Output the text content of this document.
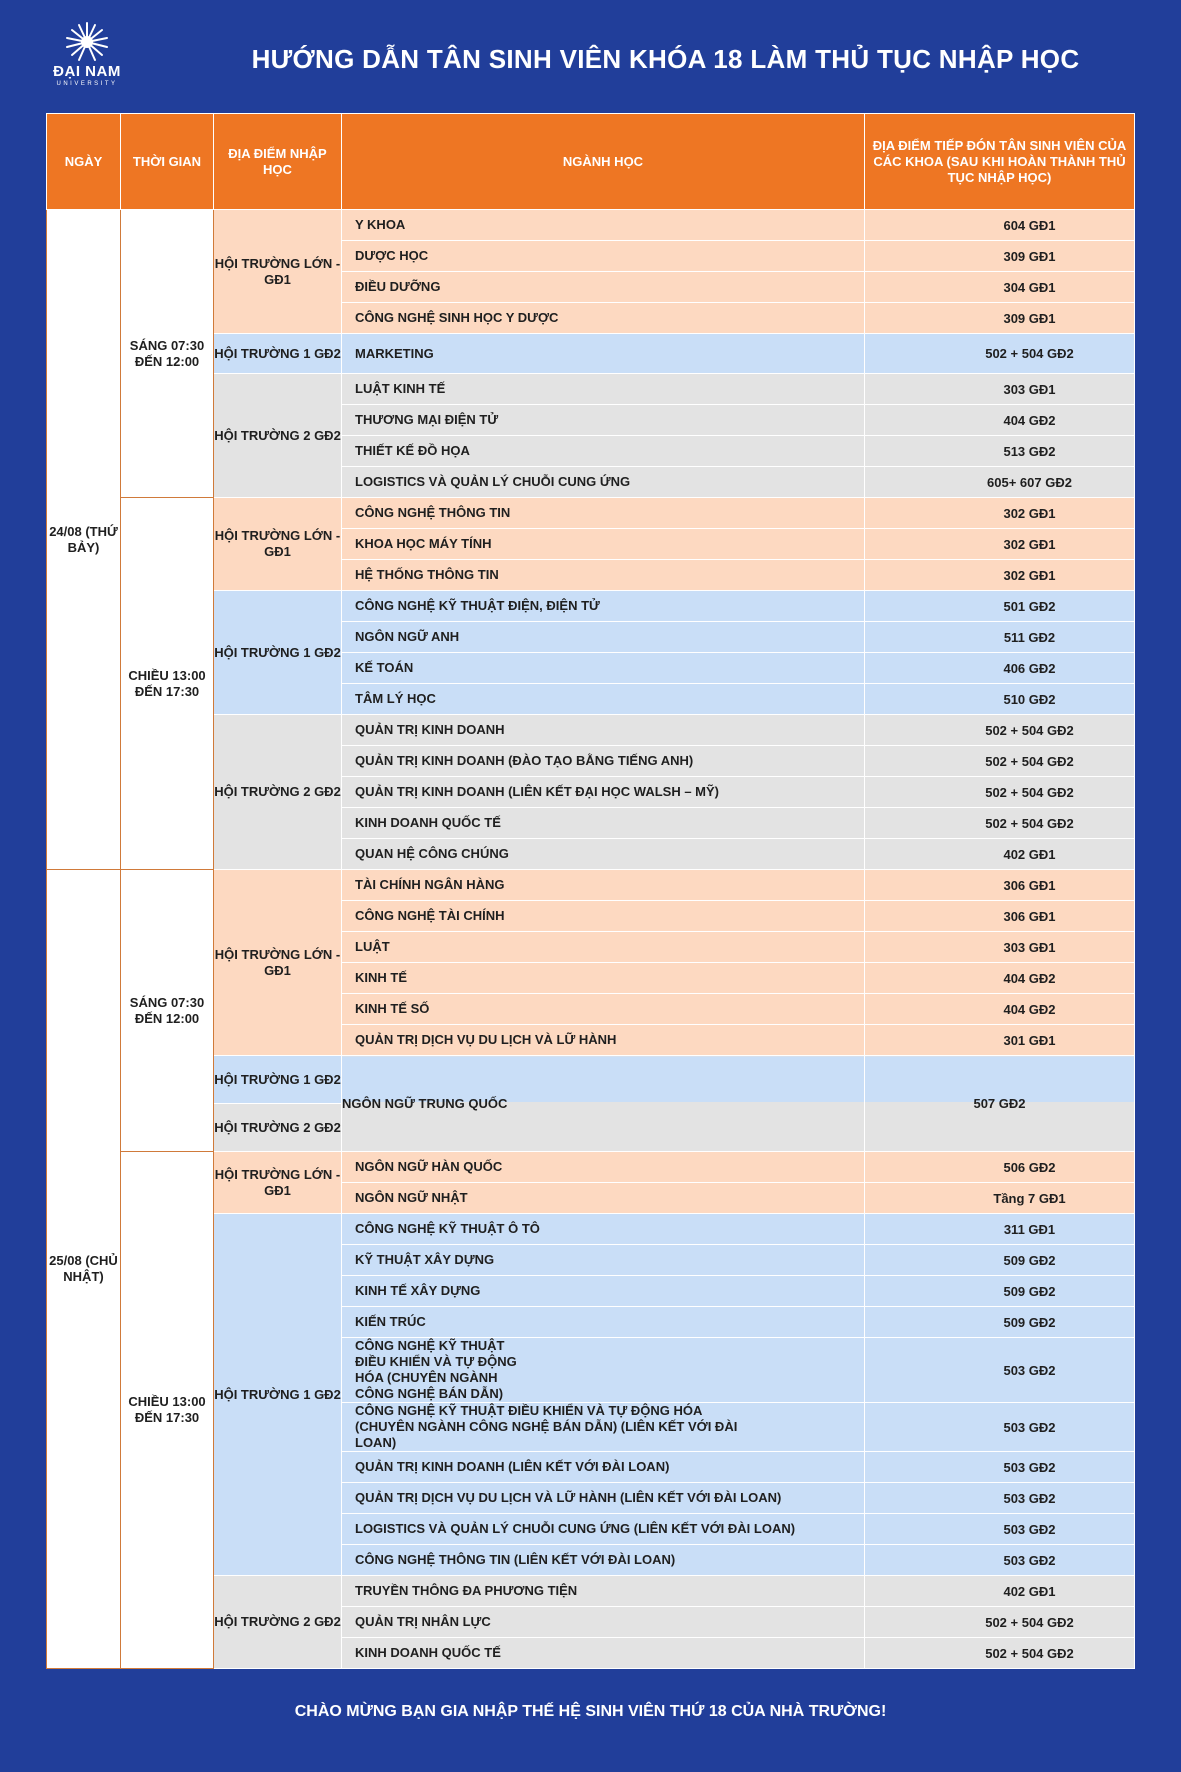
ĐẠI NAM
UNIVERSITY
HƯỚNG DẪN TÂN SINH VIÊN KHÓA 18 LÀM THỦ TỤC NHẬP HỌC
NGÀY	THỜI GIAN	ĐỊA ĐIỂM NHẬP HỌC	NGÀNH HỌC	ĐỊA ĐIỂM TIẾP ĐÓN TÂN SINH VIÊN CỦA CÁC KHOA (SAU KHI HOÀN THÀNH THỦ TỤC NHẬP HỌC)
24/08 (THỨ BẢY)	SÁNG 07:30 ĐẾN 12:00	HỘI TRƯỜNG LỚN - GĐ1	Y KHOA	604 GĐ1
			DƯỢC HỌC	309 GĐ1
			ĐIỀU DƯỠNG	304 GĐ1
			CÔNG NGHỆ SINH HỌC Y DƯỢC	309 GĐ1
		HỘI TRƯỜNG 1 GĐ2	MARKETING	502 + 504 GĐ2
		HỘI TRƯỜNG 2 GĐ2	LUẬT KINH TẾ	303 GĐ1
			THƯƠNG MẠI ĐIỆN TỬ	404 GĐ2
			THIẾT KẾ ĐỒ HỌA	513 GĐ2
			LOGISTICS VÀ QUẢN LÝ CHUỖI CUNG ỨNG	605+ 607 GĐ2
	CHIỀU 13:00 ĐẾN 17:30	HỘI TRƯỜNG LỚN - GĐ1	CÔNG NGHỆ THÔNG TIN	302 GĐ1
			KHOA HỌC MÁY TÍNH	302 GĐ1
			HỆ THỐNG THÔNG TIN	302 GĐ1
		HỘI TRƯỜNG 1 GĐ2	CÔNG NGHỆ KỸ THUẬT ĐIỆN, ĐIỆN TỬ	501 GĐ2
			NGÔN NGỮ ANH	511 GĐ2
			KẾ TOÁN	406 GĐ2
			TÂM LÝ HỌC	510 GĐ2
		HỘI TRƯỜNG 2 GĐ2	QUẢN TRỊ KINH DOANH	502 + 504 GĐ2
			QUẢN TRỊ KINH DOANH (ĐÀO TẠO BẰNG TIẾNG ANH)	502 + 504 GĐ2
			QUẢN TRỊ KINH DOANH (LIÊN KẾT ĐẠI HỌC WALSH – MỸ)	502 + 504 GĐ2
			KINH DOANH QUỐC TẾ	502 + 504 GĐ2
			QUAN HỆ CÔNG CHÚNG	402 GĐ1
25/08 (CHỦ NHẬT)	SÁNG 07:30 ĐẾN 12:00	HỘI TRƯỜNG LỚN - GĐ1	TÀI CHÍNH NGÂN HÀNG	306 GĐ1
			CÔNG NGHỆ TÀI CHÍNH	306 GĐ1
			LUẬT	303 GĐ1
			KINH TẾ	404 GĐ2
			KINH TẾ SỐ	404 GĐ2
			QUẢN TRỊ DỊCH VỤ DU LỊCH VÀ LỮ HÀNH	301 GĐ1
		HỘI TRƯỜNG 1 GĐ2	NGÔN NGỮ TRUNG QUỐC	507 GĐ2
		HỘI TRƯỜNG 2 GĐ2		
	CHIỀU 13:00 ĐẾN 17:30	HỘI TRƯỜNG LỚN - GĐ1	NGÔN NGỮ HÀN QUỐC	506 GĐ2
			NGÔN NGỮ NHẬT	Tầng 7 GĐ1
		HỘI TRƯỜNG 1 GĐ2	CÔNG NGHỆ KỸ THUẬT Ô TÔ	311 GĐ1
			KỸ THUẬT XÂY DỰNG	509 GĐ2
			KINH TẾ XÂY DỰNG	509 GĐ2
			KIẾN TRÚC	509 GĐ2
			CÔNG NGHỆ KỸ THUẬT ĐIỀU KHIỂN VÀ TỰ ĐỘNG HÓA (CHUYÊN NGÀNH CÔNG NGHỆ BÁN DẪN)	503 GĐ2
			CÔNG NGHỆ KỸ THUẬT ĐIỀU KHIỂN VÀ TỰ ĐỘNG HÓA (CHUYÊN NGÀNH CÔNG NGHỆ BÁN DẪN) (LIÊN KẾT VỚI ĐÀI LOAN)	503 GĐ2
			QUẢN TRỊ KINH DOANH (LIÊN KẾT VỚI ĐÀI LOAN)	503 GĐ2
			QUẢN TRỊ DỊCH VỤ DU LỊCH VÀ LỮ HÀNH (LIÊN KẾT VỚI ĐÀI LOAN)	503 GĐ2
			LOGISTICS VÀ QUẢN LÝ CHUỖI CUNG ỨNG (LIÊN KẾT VỚI ĐÀI LOAN)	503 GĐ2
			CÔNG NGHỆ THÔNG TIN (LIÊN KẾT VỚI ĐÀI LOAN)	503 GĐ2
		HỘI TRƯỜNG 2 GĐ2	TRUYỀN THÔNG ĐA PHƯƠNG TIỆN	402 GĐ1
			QUẢN TRỊ NHÂN LỰC	502 + 504 GĐ2
			KINH DOANH QUỐC TẾ	502 + 504 GĐ2
CHÀO MỪNG BẠN GIA NHẬP THẾ HỆ SINH VIÊN THỨ 18 CỦA NHÀ TRƯỜNG!
